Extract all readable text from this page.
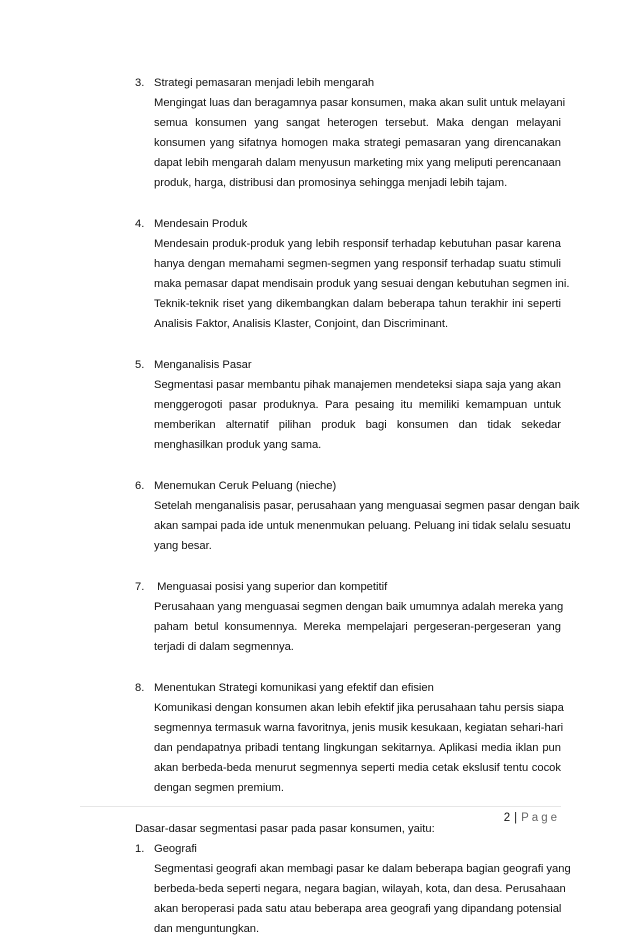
3. Strategi pemasaran menjadi lebih mengarah
Mengingat luas dan beragamnya pasar konsumen, maka akan sulit untuk melayani
semua konsumen yang sangat heterogen tersebut. Maka dengan melayani
konsumen yang sifatnya homogen maka strategi pemasaran yang direncanakan
dapat lebih mengarah dalam menyusun marketing mix yang meliputi perencanaan
produk, harga, distribusi dan promosinya sehingga menjadi lebih tajam.
4. Mendesain Produk
Mendesain produk-produk yang lebih responsif terhadap kebutuhan pasar karena
hanya dengan memahami segmen-segmen yang responsif terhadap suatu stimuli
maka pemasar dapat mendisain produk yang sesuai dengan kebutuhan segmen ini.
Teknik-teknik riset yang dikembangkan dalam beberapa tahun terakhir ini seperti
Analisis Faktor, Analisis Klaster, Conjoint, dan Discriminant.
5. Menganalisis Pasar
Segmentasi pasar membantu pihak manajemen mendeteksi siapa saja yang akan
menggerogoti pasar produknya. Para pesaing itu memiliki kemampuan untuk
memberikan alternatif pilihan produk bagi konsumen dan tidak sekedar
menghasilkan produk yang sama.
6. Menemukan Ceruk Peluang (nieche)
Setelah menganalisis pasar, perusahaan yang menguasai segmen pasar dengan baik
akan sampai pada ide untuk menenmukan peluang. Peluang ini tidak selalu sesuatu
yang besar.
7. Menguasai posisi yang superior dan kompetitif
Perusahaan yang menguasai segmen dengan baik umumnya adalah mereka yang
paham betul konsumennya. Mereka mempelajari pergeseran-pergeseran yang
terjadi di dalam segmennya.
8. Menentukan Strategi komunikasi yang efektif dan efisien
Komunikasi dengan konsumen akan lebih efektif jika perusahaan tahu persis siapa
segmennya termasuk warna favoritnya, jenis musik kesukaan, kegiatan sehari-hari
dan pendapatnya pribadi tentang lingkungan sekitarnya. Aplikasi media iklan pun
akan berbeda-beda menurut segmennya seperti media cetak ekslusif tentu cocok
dengan segmen premium.

Dasar-dasar segmentasi pasar pada pasar konsumen, yaitu:

1. Geografi
Segmentasi geografi akan membagi pasar ke dalam beberapa bagian geografi yang
berbeda-beda seperti negara, negara bagian, wilayah, kota, dan desa. Perusahaan
akan beroperasi pada satu atau beberapa area geografi yang dipandang potensial
dan menguntungkan.
2 | Page
